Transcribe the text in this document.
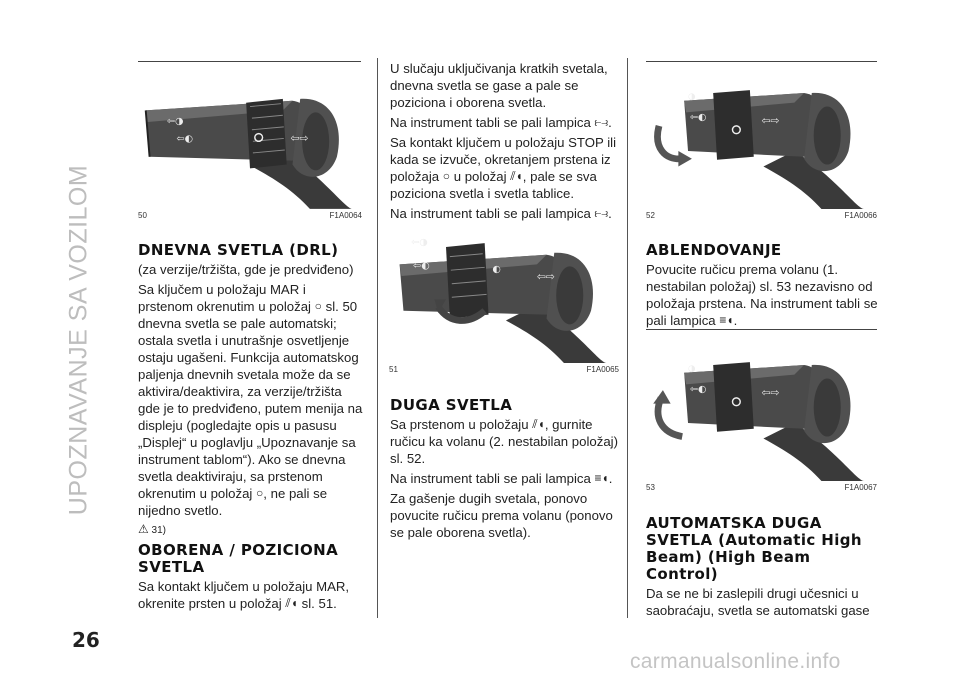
UPOZNAVANJE SA VOZILOM
26
carmanualsonline.info
⇦◑
⇦◐	⇦⇨
50	F1A0064
DNEVNA SVETLA (DRL)

(za verzije/tržišta, gde je predviđeno)

Sa ključem u položaju MAR i prstenom okrenutim u položaj ○ sl. 50 dnevna svetla se pale automatski; ostala svetla i unutrašnje osvetljenje ostaju ugašeni. Funkcija automatskog paljenja dnevnih svetala može da se aktivira/deaktivira, za verzije/tržišta gde je to predviđeno, putem menija na displeju (pogledajte opis u pasusu „Displej“ u poglavlju „Upoznavanje sa instrument tablom“). Ako se dnevna svetla deaktiviraju, sa prstenom okrenutim u položaj ○, ne pali se nijedno svetlo.

⚠ 31)
OBORENA / POZICIONA SVETLA

Sa kontakt ključem u položaju MAR, okrenite prsten u položaj ⫽◖ sl. 51.

U slučaju uključivanja kratkih svetala, dnevna svetla se gase a pale se poziciona i oborena svetla.

Na instrument tabli se pali lampica ⥼⥽.

Sa kontakt ključem u položaju STOP ili kada se izvuče, okretanjem prstena iz položaja ○ u položaj ⫽◖, pale se sva poziciona svetla i svetla tablice.

Na instrument tabli se pali lampica ⥼⥽.

⇦◑
⇦◐	◐
⇦⇨
51	F1A0065
DUGA SVETLA

Sa prstenom u položaju ⫽◖, gurnite ručicu ka volanu (2. nestabilan položaj) sl. 52.

Na instrument tabli se pali lampica ≡◖.

Za gašenje dugih svetala, ponovo povucite ručicu prema volanu (ponovo se pale oborena svetla).

◑
⇦◐	⇦⇨
52	F1A0066
ABLENDOVANJE

Povucite ručicu prema volanu (1. nestabilan položaj) sl. 53 nezavisno od položaja prstena. Na instrument tabli se pali lampica ≡◖.

◑
⇦◐	⇦⇨
53	F1A0067
AUTOMATSKA DUGA SVETLA (Automatic High Beam) (High Beam Control)

Da se ne bi zaslepili drugi učesnici u saobraćaju, svetla se automatski gase
